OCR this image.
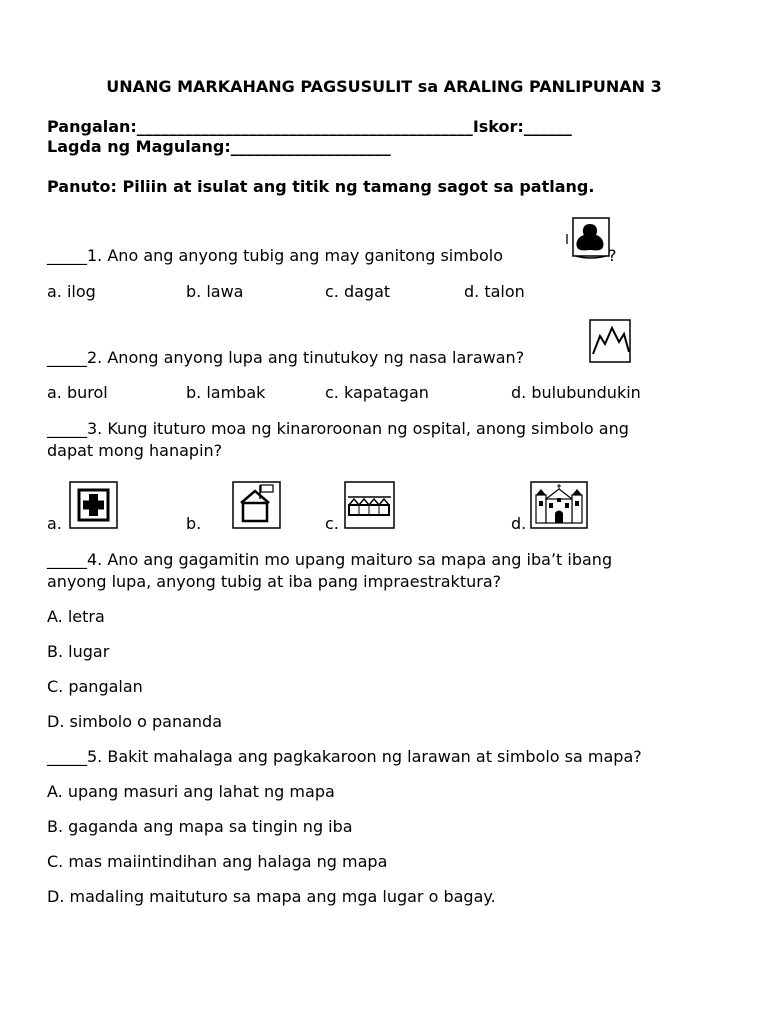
UNANG MARKAHANG PAGSUSULIT sa ARALING PANLIPUNAN 3
Pangalan:__________________________________________Iskor:______
Lagda ng Magulang:____________________
Panuto: Piliin at isulat ang titik ng tamang sagot sa patlang.
_____1. Ano ang anyong tubig ang may ganitong simbolo	?
a. ilog	b. lawa	c. dagat	d. talon
_____2. Anong anyong lupa ang tinutukoy ng nasa larawan?
a. burol	b. lambak	c. kapatagan	d. bulubundukin
_____3. Kung ituturo moa ng kinaroroonan ng ospital, anong simbolo ang
dapat mong hanapin?
a.	b.	c.	d.
_____4. Ano ang gagamitin mo upang maituro sa mapa ang iba’t ibang
anyong lupa, anyong tubig at iba pang impraestraktura?
A. letra
B. lugar
C. pangalan
D. simbolo o pananda
_____5. Bakit mahalaga ang pagkakaroon ng larawan at simbolo sa mapa?
A. upang masuri ang lahat ng mapa
B. gaganda ang mapa sa tingin ng iba
C. mas maiintindihan ang halaga ng mapa
D. madaling maituturo sa mapa ang mga lugar o bagay.
